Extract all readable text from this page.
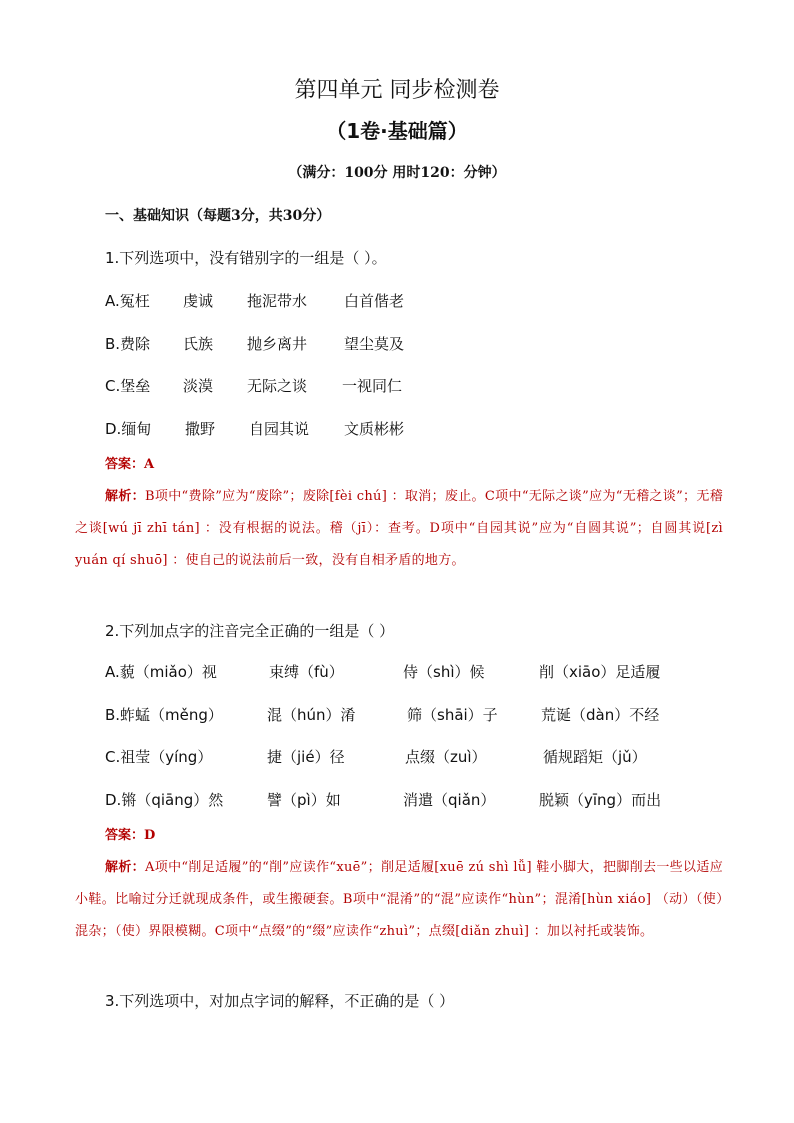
第四单元 同步检测卷
（1卷·基础篇）
（满分：100分 用时120：分钟）
一、基础知识（每题3分，共30分）
1.下列选项中，没有错别字的一组是（ ）。
A.冤枉 虔诚 拖泥带水 白首偕老
B.费除 氏族 抛乡离井 望尘莫及
C.堡垒 淡漠 无际之谈 一视同仁
D.缅甸 撒野 自园其说 文质彬彬
答案：A
解析：B项中“费除”应为“废除”；废除[fèi chú] ：取消；废止。C项中“无际之谈”应为“无稽之谈”；无稽之谈[wú jī zhī tán] ：没有根据的说法。稽（jī）：查考。D项中“自园其说”应为“自圆其说”；自圆其说[zì yuán qí shuō] ：使自己的说法前后一致，没有自相矛盾的地方。
2.下列加点字的注音完全正确的一组是（ ）
A.藐（miǎo）视	束缚（fù）	侍（shì）候	削（xiāo）足适履
B.蚱蜢（měng）	混（hún）淆	筛（shāi）子	荒诞（dàn）不经
C.祖莹（yíng）	捷（jié）径	点缀（zuì）	循规蹈矩（jǔ）
D.锵（qiāng）然	譬（pì）如	消遣（qiǎn）	脱颖（yīng）而出
答案：D
解析：A项中“削足适履”的“削”应读作“xuē”；削足适履[xuē zú shì lǚ] 鞋小脚大，把脚削去一些以适应小鞋。比喻过分迁就现成条件，或生搬硬套。B项中“混淆”的“混”应读作“hùn”；混淆[hùn xiáo] （动）（使）混杂；（使）界限模糊。C项中“点缀”的“缀”应读作“zhuì”；点缀[diǎn zhuì] ：加以衬托或装饰。
3.下列选项中，对加点字词的解释，不正确的是（ ）
